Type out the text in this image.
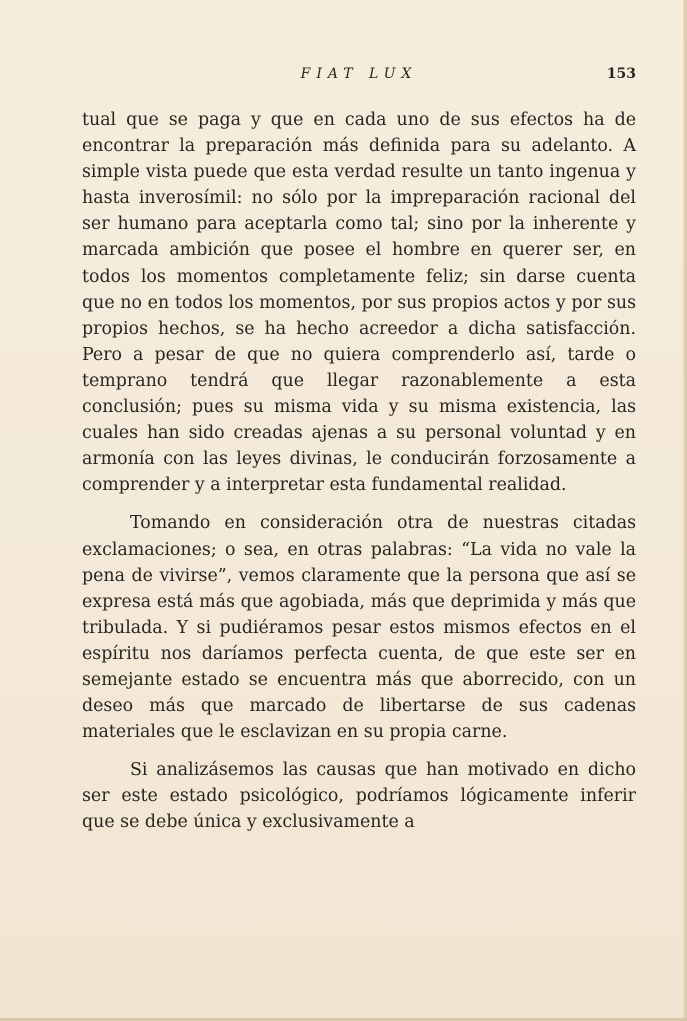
FIAT LUX	153

tual que se paga y que en cada uno de sus efectos ha de encontrar la preparación más definida para su adelanto. A simple vista puede que esta verdad resulte un tanto ingenua y hasta inverosímil: no sólo por la impreparación racional del ser humano para aceptarla como tal; sino por la inherente y marcada ambición que posee el hombre en querer ser, en todos los momentos completamente feliz; sin darse cuenta que no en todos los momentos, por sus propios actos y por sus propios hechos, se ha hecho acreedor a dicha satisfacción. Pero a pesar de que no quiera comprenderlo así, tarde o temprano tendrá que llegar razonablemente a esta conclusión; pues su misma vida y su misma existencia, las cuales han sido creadas ajenas a su personal voluntad y en armonía con las leyes divinas, le conducirán forzosamente a comprender y a interpretar esta fundamental realidad.

Tomando en consideración otra de nuestras citadas exclamaciones; o sea, en otras palabras: “La vida no vale la pena de vivirse”, vemos claramente que la persona que así se expresa está más que agobiada, más que deprimida y más que tribulada. Y si pudiéramos pesar estos mismos efectos en el espíritu nos daríamos perfecta cuenta, de que este ser en semejante estado se encuentra más que aborrecido, con un deseo más que marcado de libertarse de sus cadenas materiales que le esclavizan en su propia carne.

Si analizásemos las causas que han motivado en dicho ser este estado psicológico, podríamos lógicamente inferir que se debe única y exclusivamente a
